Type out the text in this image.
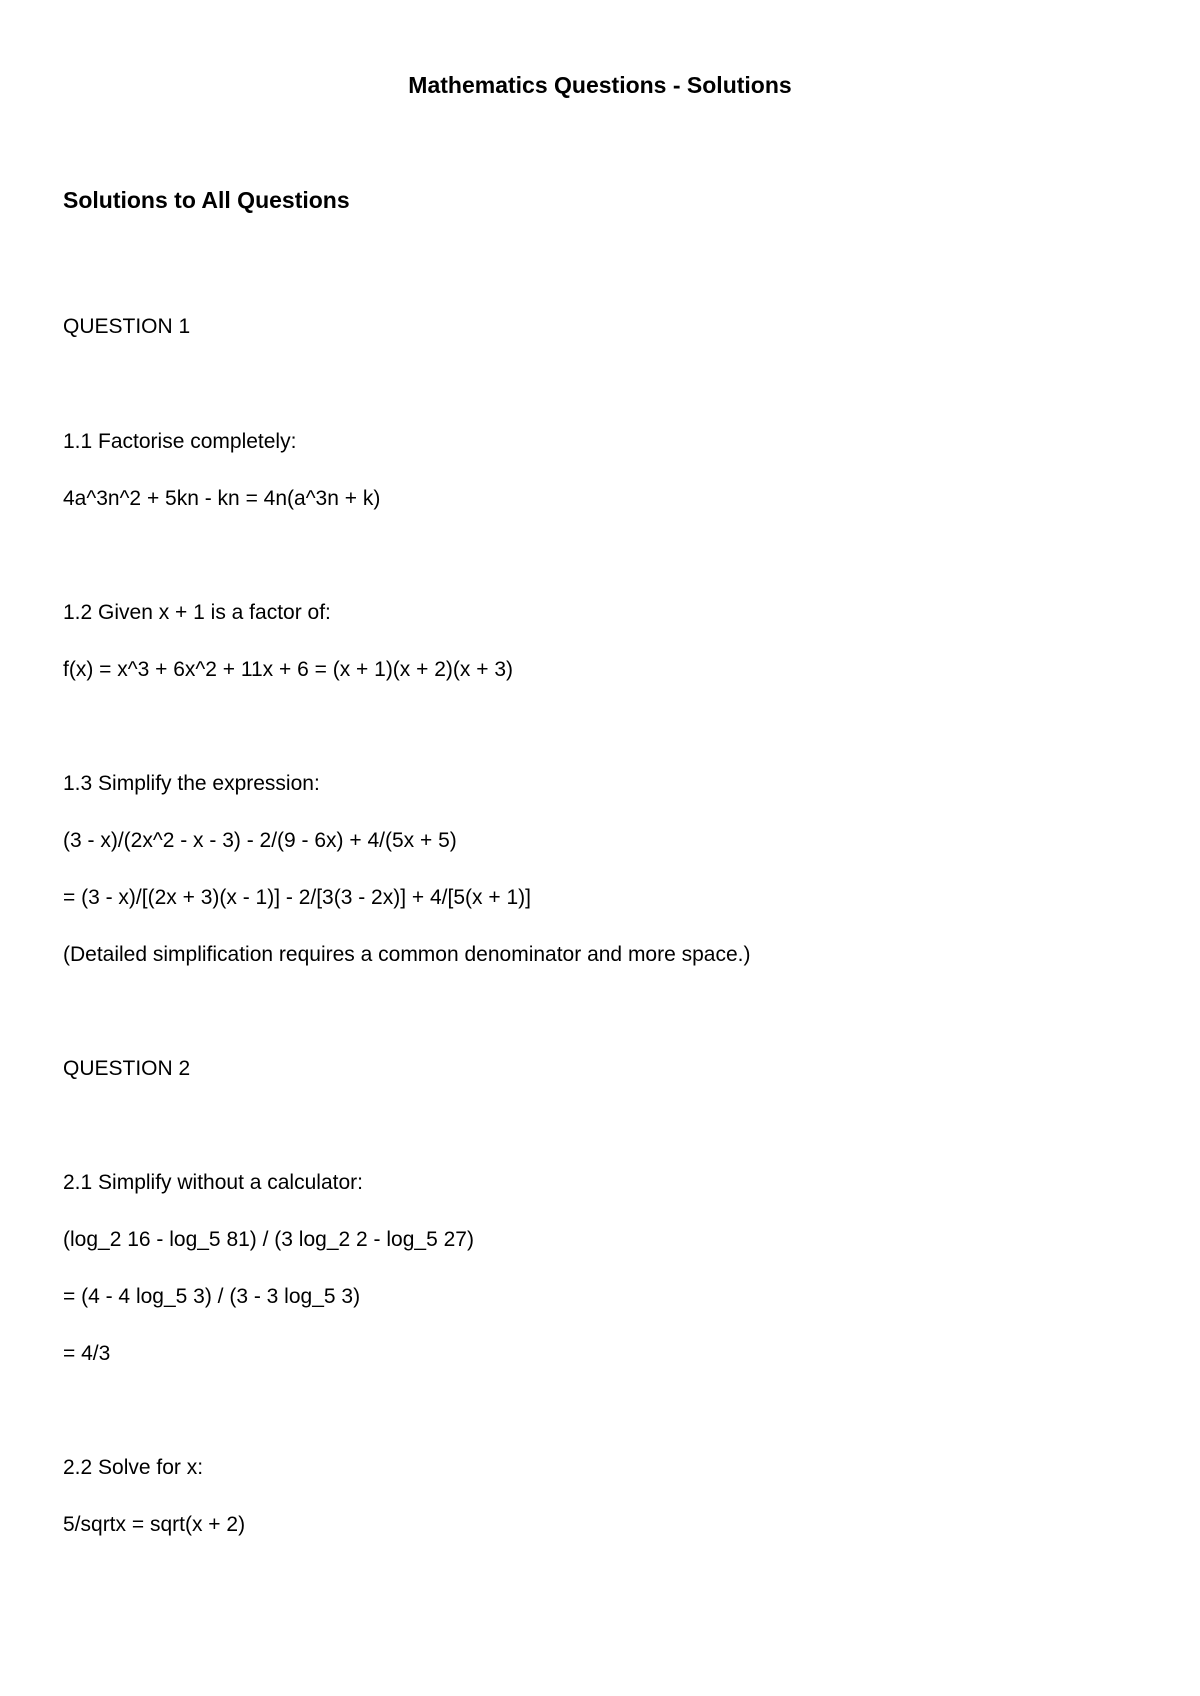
Mathematics Questions - Solutions
Solutions to All Questions

QUESTION 1

1.1 Factorise completely:

4a^3n^2 + 5kn - kn = 4n(a^3n + k)

1.2 Given x + 1 is a factor of:

f(x) = x^3 + 6x^2 + 11x + 6 = (x + 1)(x + 2)(x + 3)

1.3 Simplify the expression:

(3 - x)/(2x^2 - x - 3) - 2/(9 - 6x) + 4/(5x + 5)

= (3 - x)/[(2x + 3)(x - 1)] - 2/[3(3 - 2x)] + 4/[5(x + 1)]

(Detailed simplification requires a common denominator and more space.)

QUESTION 2

2.1 Simplify without a calculator:

(log_2 16 - log_5 81) / (3 log_2 2 - log_5 27)

= (4 - 4 log_5 3) / (3 - 3 log_5 3)

= 4/3

2.2 Solve for x:

5/sqrtx = sqrt(x + 2)
